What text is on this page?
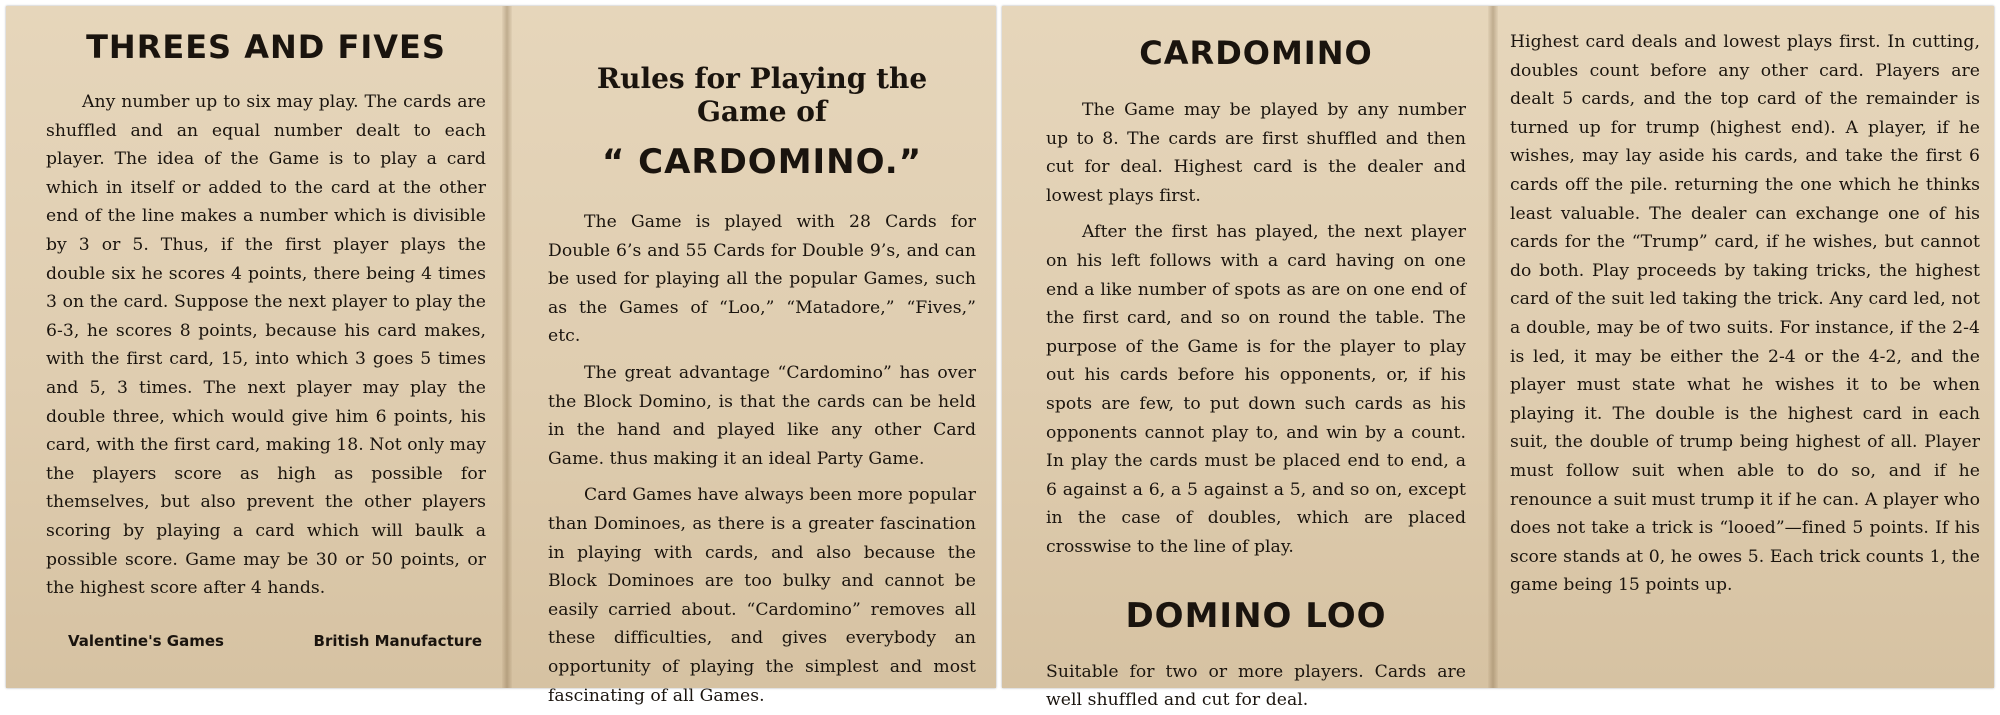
THREES AND FIVES

Any number up to six may play. The cards are shuffled and an equal number dealt to each player. The idea of the Game is to play a card which in itself or added to the card at the other end of the line makes a number which is divisible by 3 or 5. Thus, if the first player plays the double six he scores 4 points, there being 4 times 3 on the card. Suppose the next player to play the 6-3, he scores 8 points, because his card makes, with the first card, 15, into which 3 goes 5 times and 5, 3 times. The next player may play the double three, which would give him 6 points, his card, with the first card, making 18. Not only may the players score as high as possible for themselves, but also prevent the other players scoring by playing a card which will baulk a possible score. Game may be 30 or 50 points, or the highest score after 4 hands.

Valentine's Games	British Manufacture
Rules for Playing the Game of
“ CARDOMINO.”

The Game is played with 28 Cards for Double 6’s and 55 Cards for Double 9’s, and can be used for playing all the popular Games, such as the Games of “Loo,” “Matadore,” “Fives,” etc.

The great advantage “Cardomino” has over the Block Domino, is that the cards can be held in the hand and played like any other Card Game. thus making it an ideal Party Game.

Card Games have always been more popular than Dominoes, as there is a greater fascination in playing with cards, and also because the Block Dominoes are too bulky and cannot be easily carried about. “Cardomino” removes all these difficulties, and gives everybody an opportunity of playing the simplest and most fascinating of all Games.

CARDOMINO

The Game may be played by any number up to 8. The cards are first shuffled and then cut for deal. Highest card is the dealer and lowest plays first.

After the first has played, the next player on his left follows with a card having on one end a like number of spots as are on one end of the first card, and so on round the table. The purpose of the Game is for the player to play out his cards before his opponents, or, if his spots are few, to put down such cards as his opponents cannot play to, and win by a count. In play the cards must be placed end to end, a 6 against a 6, a 5 against a 5, and so on, except in the case of doubles, which are placed crosswise to the line of play.

DOMINO LOO

Suitable for two or more players. Cards are well shuffled and cut for deal.

Highest card deals and lowest plays first. In cutting, doubles count before any other card. Players are dealt 5 cards, and the top card of the remainder is turned up for trump (highest end). A player, if he wishes, may lay aside his cards, and take the first 6 cards off the pile. returning the one which he thinks least valuable. The dealer can exchange one of his cards for the “Trump” card, if he wishes, but cannot do both. Play proceeds by taking tricks, the highest card of the suit led taking the trick. Any card led, not a double, may be of two suits. For instance, if the 2-4 is led, it may be either the 2-4 or the 4-2, and the player must state what he wishes it to be when playing it. The double is the highest card in each suit, the double of trump being highest of all. Player must follow suit when able to do so, and if he renounce a suit must trump it if he can. A player who does not take a trick is “looed”—fined 5 points. If his score stands at 0, he owes 5. Each trick counts 1, the game being 15 points up.
